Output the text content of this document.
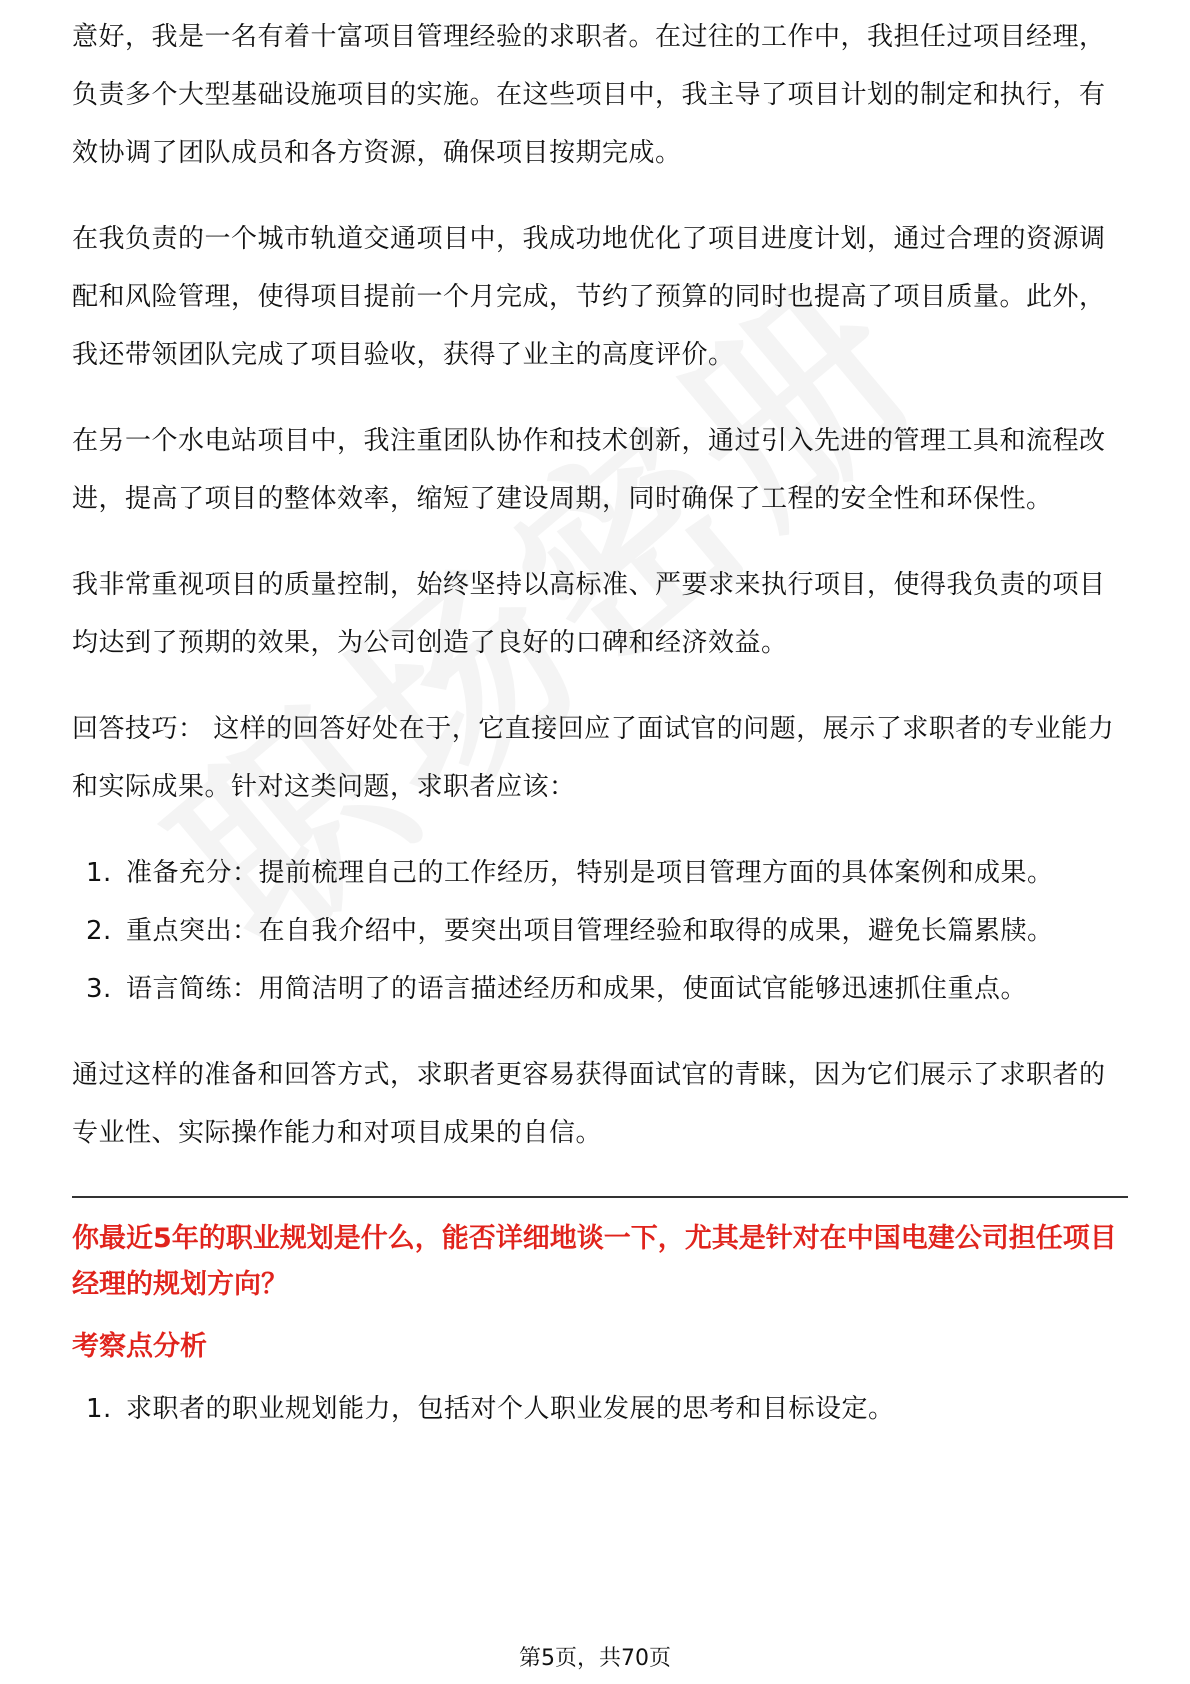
意好，我是一名有着十富项目管理经验的求职者。在过往的工作中，我担任过项目经理，负责多个大型基础设施项目的实施。在这些项目中，我主导了项目计划的制定和执行，有效协调了团队成员和各方资源，确保项目按期完成。

在我负责的一个城市轨道交通项目中，我成功地优化了项目进度计划，通过合理的资源调配和风险管理，使得项目提前一个月完成，节约了预算的同时也提高了项目质量。此外，我还带领团队完成了项目验收，获得了业主的高度评价。

在另一个水电站项目中，我注重团队协作和技术创新，通过引入先进的管理工具和流程改进，提高了项目的整体效率，缩短了建设周期，同时确保了工程的安全性和环保性。

我非常重视项目的质量控制，始终坚持以高标准、严要求来执行项目，使得我负责的项目均达到了预期的效果，为公司创造了良好的口碑和经济效益。

回答技巧： 这样的回答好处在于，它直接回应了面试官的问题，展示了求职者的专业能力和实际成果。针对这类问题，求职者应该：

1. 准备充分：提前梳理自己的工作经历，特别是项目管理方面的具体案例和成果。
2. 重点突出：在自我介绍中，要突出项目管理经验和取得的成果，避免长篇累牍。
3. 语言简练：用简洁明了的语言描述经历和成果，使面试官能够迅速抓住重点。

通过这样的准备和回答方式，求职者更容易获得面试官的青睐，因为它们展示了求职者的专业性、实际操作能力和对项目成果的自信。

你最近5年的职业规划是什么，能否详细地谈一下，尤其是针对在中国电建公司担任项目经理的规划方向？
考察点分析
1. 求职者的职业规划能力，包括对个人职业发展的思考和目标设定。
第5页，共70页
